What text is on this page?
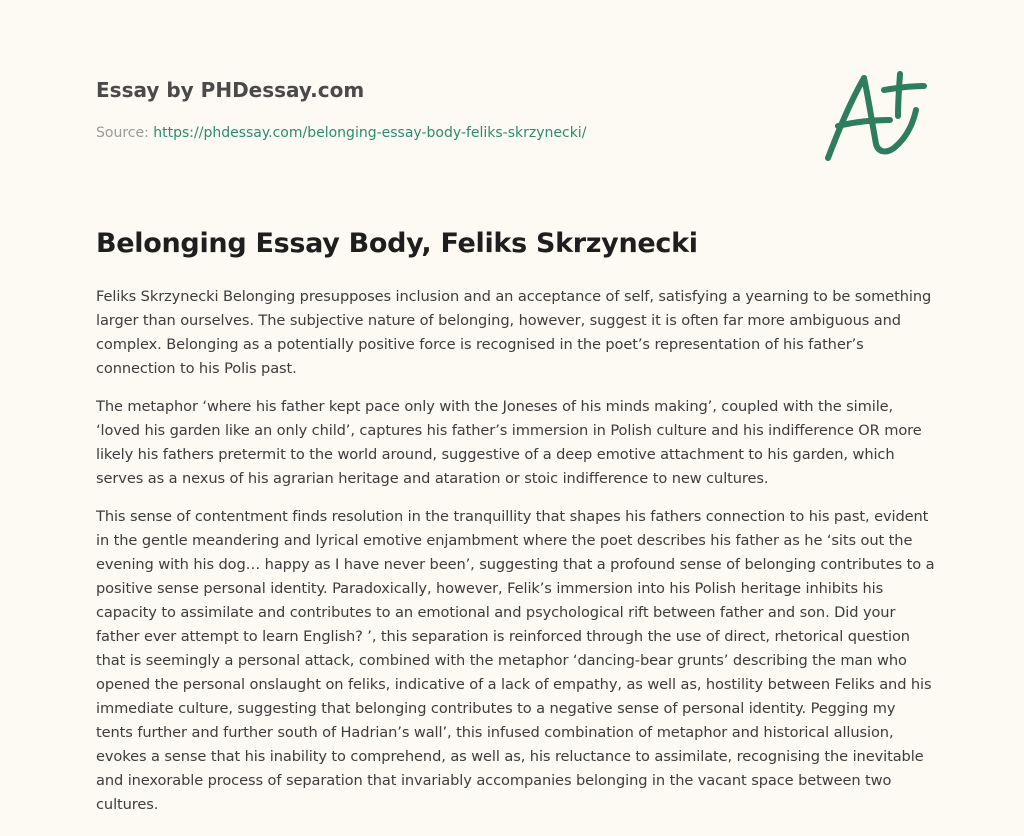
Essay by PHDessay.com
Source: https://phdessay.com/belonging-essay-body-feliks-skrzynecki/
Belonging Essay Body, Feliks Skrzynecki

Feliks Skrzynecki Belonging presupposes inclusion and an acceptance of self, satisfying a yearning to be something larger than ourselves. The subjective nature of belonging, however, suggest it is often far more ambiguous and complex. Belonging as a potentially positive force is recognised in the poet’s representation of his father’s connection to his Polis past.

The metaphor ‘where his father kept pace only with the Joneses of his minds making’, coupled with the simile, ‘loved his garden like an only child’, captures his father’s immersion in Polish culture and his indifference OR more likely his fathers pretermit to the world around, suggestive of a deep emotive attachment to his garden, which serves as a nexus of his agrarian heritage and ataration or stoic indifference to new cultures.

This sense of contentment finds resolution in the tranquillity that shapes his fathers connection to his past, evident in the gentle meandering and lyrical emotive enjambment where the poet describes his father as he ‘sits out the evening with his dog… happy as I have never been’, suggesting that a profound sense of belonging contributes to a positive sense personal identity. Paradoxically, however, Felik’s immersion into his Polish heritage inhibits his capacity to assimilate and contributes to an emotional and psychological rift between father and son. Did your father ever attempt to learn English? ’, this separation is reinforced through the use of direct, rhetorical question that is seemingly a personal attack, combined with the metaphor ‘dancing-bear grunts’ describing the man who opened the personal onslaught on feliks, indicative of a lack of empathy, as well as, hostility between Feliks and his immediate culture, suggesting that belonging contributes to a negative sense of personal identity. Pegging my tents further and further south of Hadrian’s wall’, this infused combination of metaphor and historical allusion, evokes a sense that his inability to comprehend, as well as, his reluctance to assimilate, recognising the inevitable and inexorable process of separation that invariably accompanies belonging in the vacant space between two cultures.
